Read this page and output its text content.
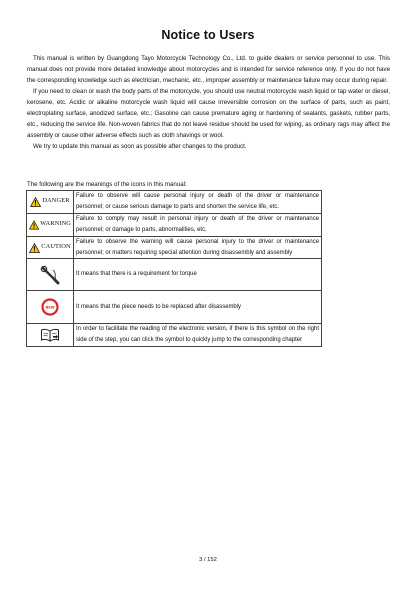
Notice to Users

This manual is written by Guangdong Tayo Motorcycle Technology Co., Ltd. to guide dealers or service personnel to use. This manual does not provide more detailed knowledge about motorcycles and is intended for service reference only. If you do not have the corresponding knowledge such as electrician, mechanic, etc., improper assembly or maintenance failure may occur during repair.

If you need to clean or wash the body parts of the motorcycle, you should use neutral motorcycle wash liquid or tap water or diesel, kerosene, etc. Acidic or alkaline motorcycle wash liquid will cause irreversible corrosion on the surface of parts, such as paint, electroplating surface, anodized surface, etc.; Gasoline can cause premature aging or hardening of sealants, gaskets, rubber parts, etc., reducing the service life. Non-woven fabrics that do not leave residue should be used for wiping, as ordinary rags may affect the assembly or cause other adverse effects such as cloth shavings or wool.

We try to update this manual as soon as possible after changes to the product.

The following are the meanings of the icons in this manual:
DANGER	Failure to observe will cause personal injury or death of the driver or maintenance personnel; or cause serious damage to parts and shorten the service life, etc.

WARNING	Failure to comply may result in personal injury or death of the driver or maintenance personnel; or damage to parts, abnormalities, etc.

CAUTION	Failure to observe the warning will cause personal injury to the driver or maintenance personnel; or matters requiring special attention during disassembly and assembly

	It means that there is a requirement for torque

NEW	It means that the piece needs to be replaced after disassembly

	In order to facilitate the reading of the electronic version, if there is this symbol on the right side of the step, you can click the symbol to quickly jump to the corresponding chapter
3 / 152
